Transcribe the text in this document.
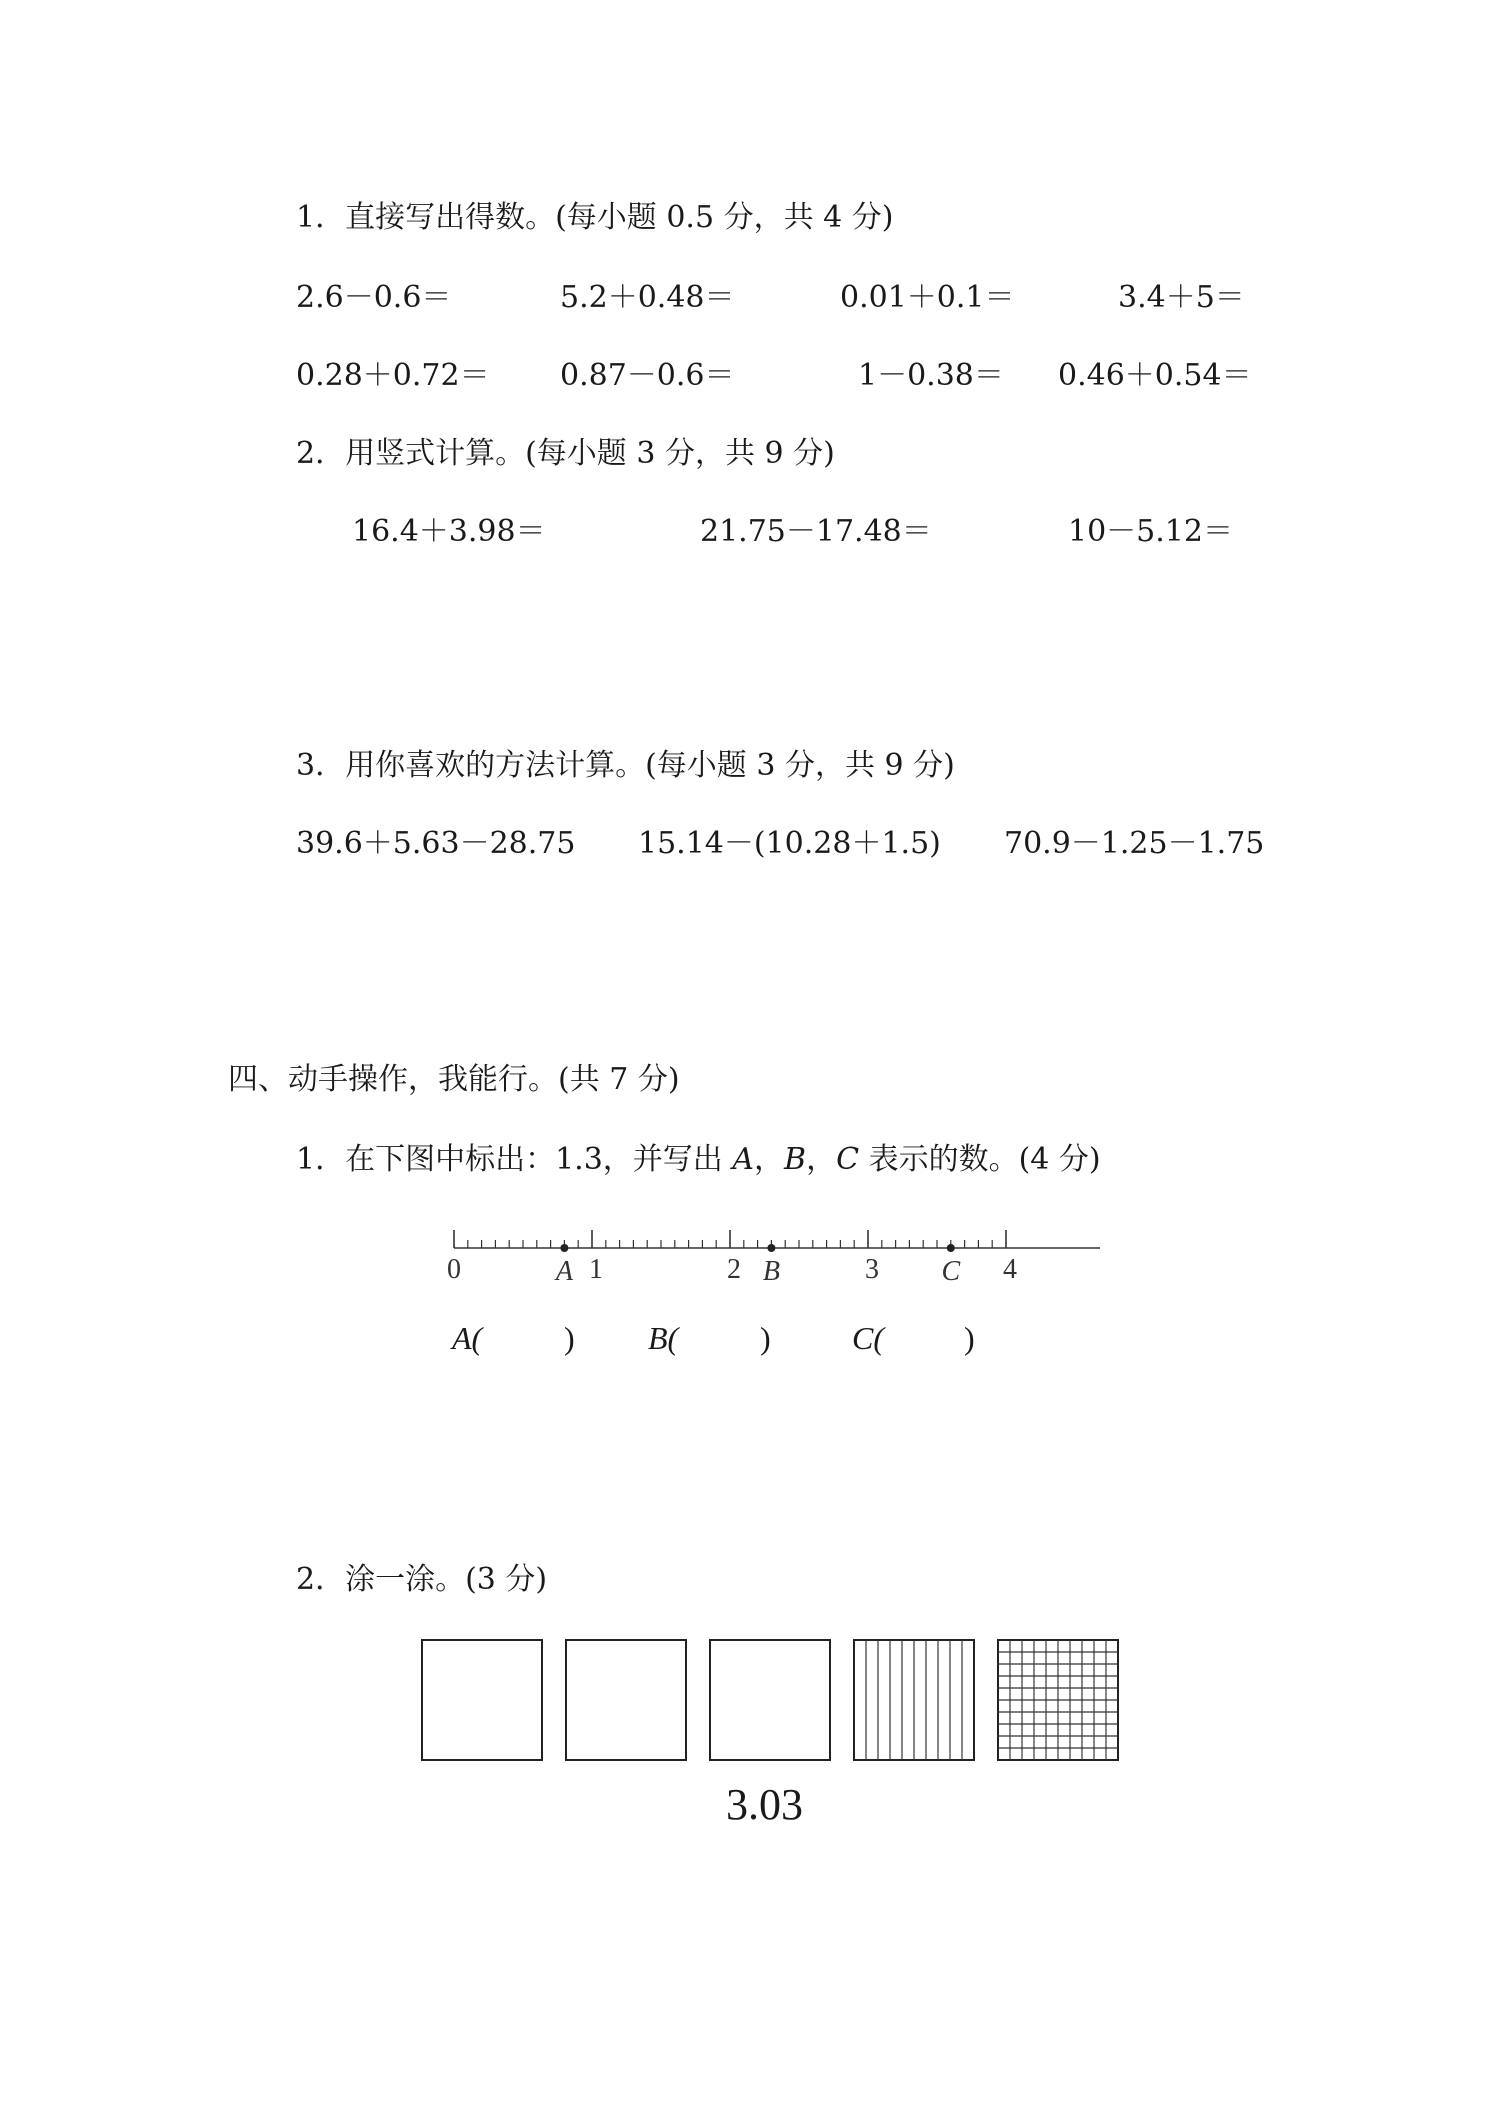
1．直接写出得数。(每小题 0.5 分，共 4 分)
2.6－0.6＝	5.2＋0.48＝	0.01＋0.1＝	3.4＋5＝
0.28＋0.72＝ 0.87－0.6＝	1－0.38＝ 0.46＋0.54＝
2．用竖式计算。(每小题 3 分，共 9 分)
16.4＋3.98＝	21.75－17.48＝	10－5.12＝
3．用你喜欢的方法计算。(每小题 3 分，共 9 分)
39.6＋5.63－28.75 15.14－(10.28＋1.5) 70.9－1.25－1.75
四、动手操作，我能行。(共 7 分)
1．在下图中标出：1.3，并写出 A，B，C 表示的数。(4 分)
0	1	2	3	4
A	B	C
A(	) B(	)	C(	)
2．涂一涂。(3 分)
3.03
